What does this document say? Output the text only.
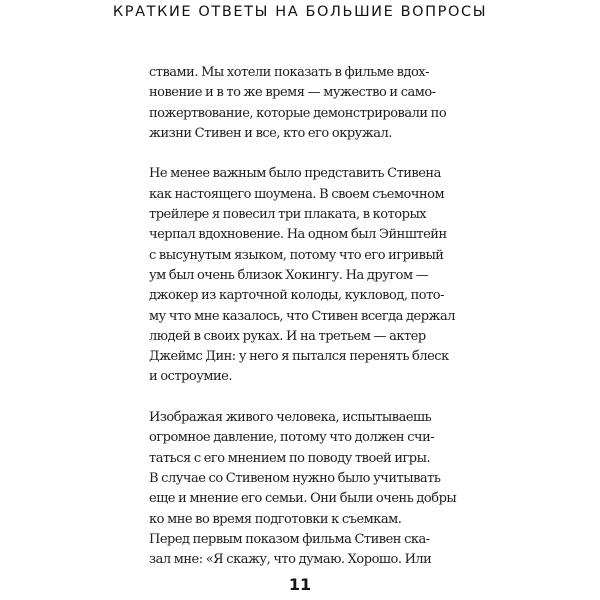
КРАТКИЕ ОТВЕТЫ НА БОЛЬШИЕ ВОПРОСЫ
ствами. Мы хотели показать в фильме вдох-
новение и в то же время — мужество и само-
пожертвование, которые демонстрировали по
жизни Стивен и все, кто его окружал.
Не менее важным было представить Стивена
как настоящего шоумена. В своем съемочном
трейлере я повесил три плаката, в которых
черпал вдохновение. На одном был Эйнштейн
с высунутым языком, потому что его игривый
ум был очень близок Хокингу. На другом —
джокер из карточной колоды, кукловод, пото-
му что мне казалось, что Стивен всегда держал
людей в своих руках. И на третьем — актер
Джеймс Дин: у него я пытался перенять блеск
и остроумие.
Изображая живого человека, испытываешь
огромное давление, потому что должен счи-
таться с его мнением по поводу твоей игры.
В случае со Стивеном нужно было учитывать
еще и мнение его семьи. Они были очень добры
ко мне во время подготовки к съемкам.
Перед первым показом фильма Стивен ска-
зал мне: «Я скажу, что думаю. Хорошо. Или
11
